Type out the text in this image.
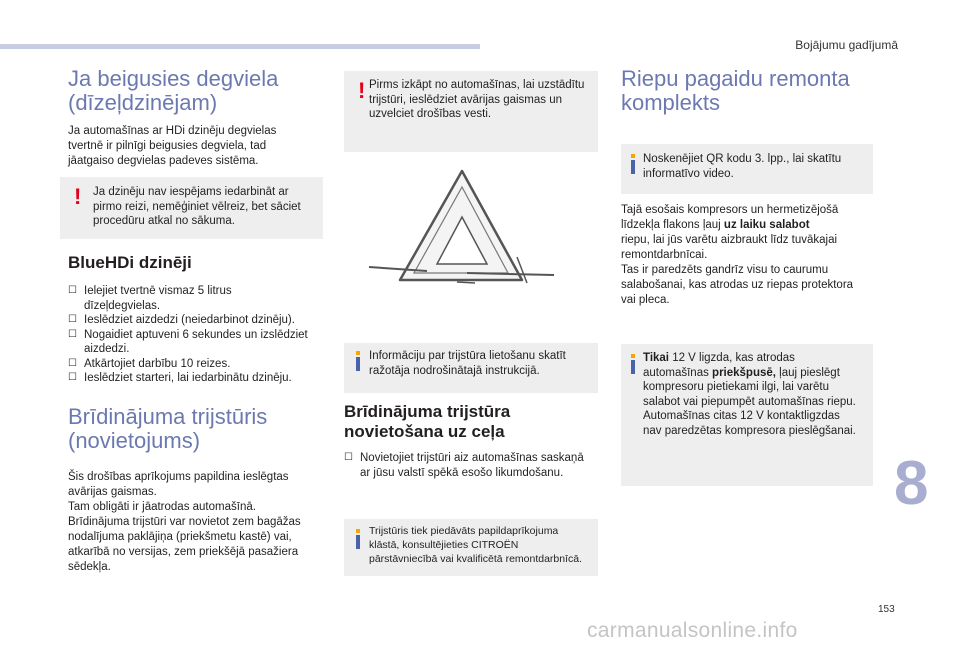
Bojājumu gadījumā
Ja beigusies degviela
(dīzeļdzinējam)

Ja automašīnas ar HDi dzinēju degvielas
tvertnē ir pilnīgi beigusies degviela, tad
jāatgaiso degvielas padeves sistēma.

! Ja dzinēju nav iespējams iedarbināt ar
pirmo reizi, nemēģiniet vēlreiz, bet sāciet
procedūru atkal no sākuma.
BlueHDi dzinēji
☐ Ielejiet tvertnē vismaz 5 litrus
dīzeļdegvielas.
☐ Ieslēdziet aizdedzi (neiedarbinot dzinēju).
☐ Nogaidiet aptuveni 6 sekundes un izslēdziet
aizdedzi.
☐ Atkārtojiet darbību 10 reizes.
☐ Ieslēdziet starteri, lai iedarbinātu dzinēju.
Brīdinājuma trijstūris
(novietojums)

Šis drošības aprīkojums papildina ieslēgtas
avārijas gaismas.
Tam obligāti ir jāatrodas automašīnā.
Brīdinājuma trijstūri var novietot zem bagāžas
nodalījuma paklājiņa (priekšmetu kastē) vai,
atkarībā no versijas, zem priekšējā pasažiera
sēdekļa.

! Pirms izkāpt no automašīnas, lai uzstādītu
trijstūri, ieslēdziet avārijas gaismas un
uzvelciet drošības vesti.
Informāciju par trijstūra lietošanu skatīt
ražotāja nodrošinātajā instrukcijā.
Brīdinājuma trijstūra
novietošana uz ceļa
☐ Novietojiet trijstūri aiz automašīnas saskaņā
ar jūsu valstī spēkā esošo likumdošanu.
Trijstūris tiek piedāvāts papildaprīkojuma
klāstā, konsultējieties CITROËN
pārstāvniecībā vai kvalificētā remontdarbnīcā.
Riepu pagaidu remonta
komplekts
Noskenējiet QR kodu 3. lpp., lai skatītu
informatīvo video.

Tajā esošais kompresors un hermetizējošā
līdzekļa flakons ļauj uz laiku salabot
riepu, lai jūs varētu aizbraukt līdz tuvākajai
remontdarbnīcai.
Tas ir paredzēts gandrīz visu to caurumu
salabošanai, kas atrodas uz riepas protektora
vai pleca.

Tikai 12 V ligzda, kas atrodas
automašīnas priekšpusē, ļauj pieslēgt
kompresoru pietiekami ilgi, lai varētu
salabot vai piepumpēt automašīnas riepu.
Automašīnas citas 12 V kontaktligzdas
nav paredzētas kompresora pieslēgšanai.
8
153
carmanualsonline.info
